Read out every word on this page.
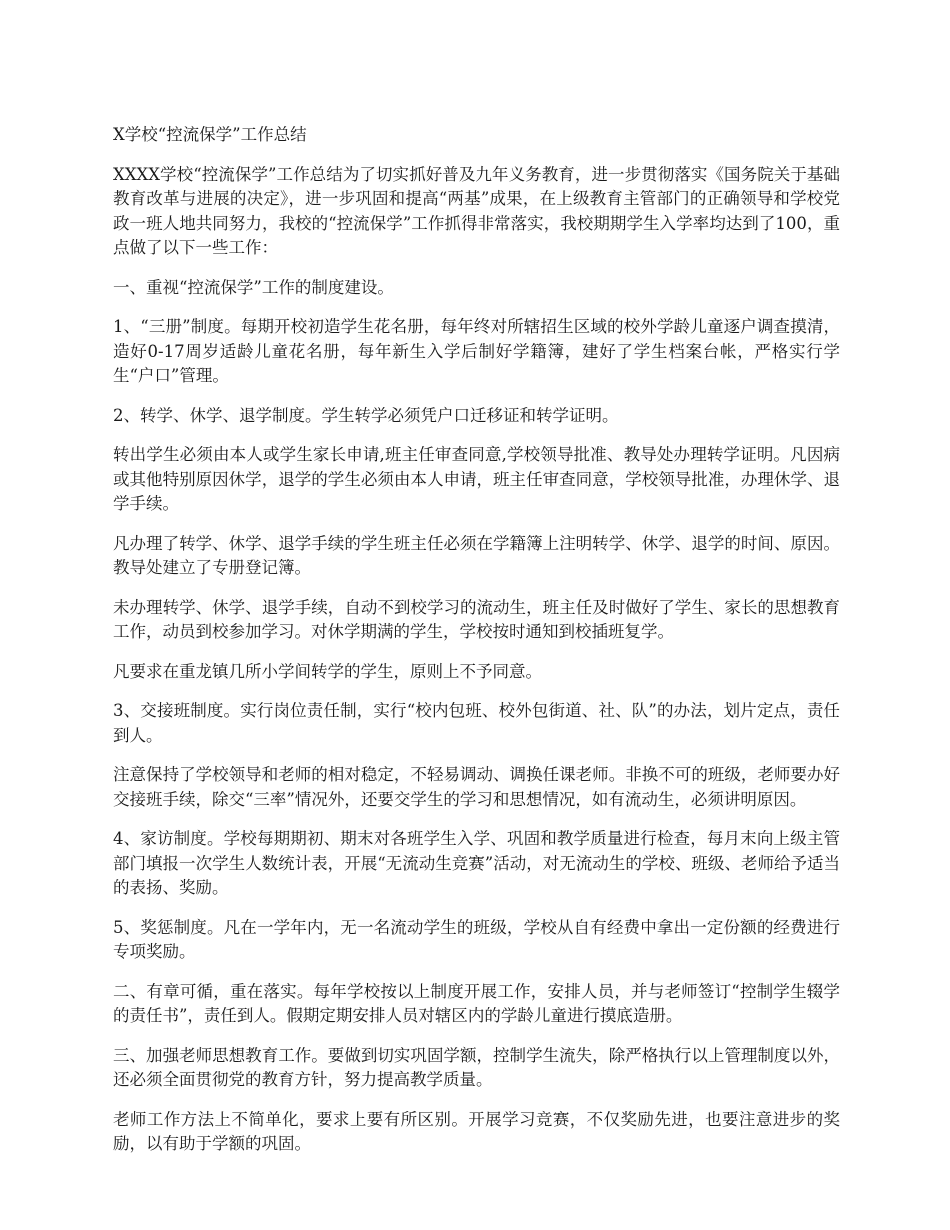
X学校“控流保学”工作总结

XXXX学校“控流保学”工作总结为了切实抓好普及九年义务教育，进一步贯彻落实《国务院关于基础教育改革与进展的决定》，进一步巩固和提高“两基”成果，在上级教育主管部门的正确领导和学校党政一班人地共同努力，我校的“控流保学”工作抓得非常落实，我校期期学生入学率均达到了100，重点做了以下一些工作：

一、重视“控流保学”工作的制度建设。

1、“三册”制度。每期开校初造学生花名册，每年终对所辖招生区域的校外学龄儿童逐户调查摸清，造好0-17周岁适龄儿童花名册，每年新生入学后制好学籍簿，建好了学生档案台帐，严格实行学生“户口”管理。

2、转学、休学、退学制度。学生转学必须凭户口迁移证和转学证明。

转出学生必须由本人或学生家长申请,班主任审查同意,学校领导批准、教导处办理转学证明。凡因病或其他特别原因休学，退学的学生必须由本人申请，班主任审查同意，学校领导批准，办理休学、退学手续。

凡办理了转学、休学、退学手续的学生班主任必须在学籍簿上注明转学、休学、退学的时间、原因。教导处建立了专册登记簿。

未办理转学、休学、退学手续，自动不到校学习的流动生，班主任及时做好了学生、家长的思想教育工作，动员到校参加学习。对休学期满的学生，学校按时通知到校插班复学。

凡要求在重龙镇几所小学间转学的学生，原则上不予同意。

3、交接班制度。实行岗位责任制，实行“校内包班、校外包街道、社、队”的办法，划片定点，责任到人。

注意保持了学校领导和老师的相对稳定，不轻易调动、调换任课老师。非换不可的班级，老师要办好交接班手续，除交“三率”情况外，还要交学生的学习和思想情况，如有流动生，必须讲明原因。

4、家访制度。学校每期期初、期末对各班学生入学、巩固和教学质量进行检查，每月末向上级主管部门填报一次学生人数统计表，开展“无流动生竞赛”活动，对无流动生的学校、班级、老师给予适当的表扬、奖励。

5、奖惩制度。凡在一学年内，无一名流动学生的班级，学校从自有经费中拿出一定份额的经费进行专项奖励。

二、有章可循，重在落实。每年学校按以上制度开展工作，安排人员，并与老师签订“控制学生辍学的责任书”，责任到人。假期定期安排人员对辖区内的学龄儿童进行摸底造册。

三、加强老师思想教育工作。要做到切实巩固学额，控制学生流失，除严格执行以上管理制度以外，还必须全面贯彻党的教育方针，努力提高教学质量。

老师工作方法上不简单化，要求上要有所区别。开展学习竞赛，不仅奖励先进，也要注意进步的奖励，以有助于学额的巩固。
